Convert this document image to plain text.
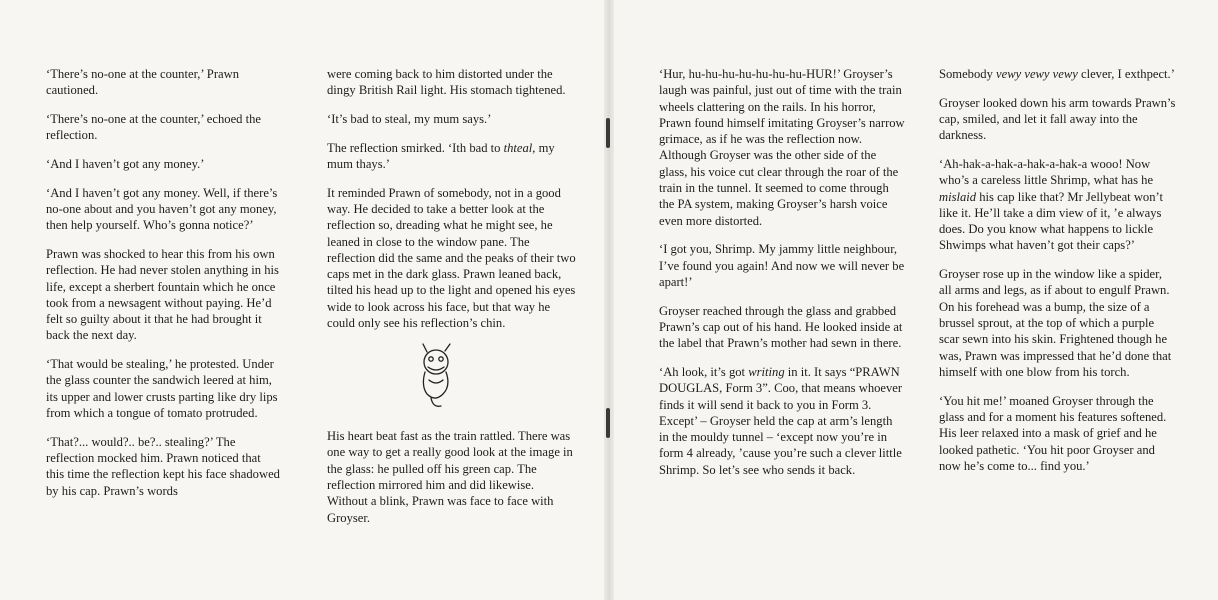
‘There’s no-one at the counter,’ Prawn cautioned.

‘There’s no-one at the counter,’ echoed the reflection.

‘And I haven’t got any money.’

‘And I haven’t got any money. Well, if there’s no-one about and you haven’t got any money, then help yourself. Who’s gonna notice?’

Prawn was shocked to hear this from his own reflection. He had never stolen anything in his life, except a sherbert fountain which he once took from a newsagent without paying. He’d felt so guilty about it that he had brought it back the next day.

‘That would be stealing,’ he protested. Under the glass counter the sandwich leered at him, its upper and lower crusts parting like dry lips from which a tongue of tomato protruded.

‘That?... would?.. be?.. stealing?’ The reflection mocked him. Prawn noticed that this time the reflection kept his face shadowed by his cap. Prawn’s words

were coming back to him distorted under the dingy British Rail light. His stomach tightened.

‘It’s bad to steal, my mum says.’

The reflection smirked. ‘Ith bad to thteal, my mum thays.’

It reminded Prawn of somebody, not in a good way. He decided to take a better look at the reflection so, dreading what he might see, he leaned in close to the window pane. The reflection did the same and the peaks of their two caps met in the dark glass. Prawn leaned back, tilted his head up to the light and opened his eyes wide to look across his face, but that way he could only see his reflection’s chin.

His heart beat fast as the train rattled. There was one way to get a really good look at the image in the glass: he pulled off his green cap. The reflection mirrored him and did likewise. Without a blink, Prawn was face to face with Groyser.

‘Hur, hu-hu-hu-hu-hu-hu-hu-HUR!’ Groyser’s laugh was painful, just out of time with the train wheels clattering on the rails. In his horror, Prawn found himself imitating Groyser’s narrow grimace, as if he was the reflection now. Although Groyser was the other side of the glass, his voice cut clear through the roar of the train in the tunnel. It seemed to come through the PA system, making Groyser’s harsh voice even more distorted.

‘I got you, Shrimp. My jammy little neighbour, I’ve found you again! And now we will never be apart!’

Groyser reached through the glass and grabbed Prawn’s cap out of his hand. He looked inside at the label that Prawn’s mother had sewn in there.

‘Ah look, it’s got writing in it. It says “PRAWN DOUGLAS, Form 3”. Coo, that means whoever finds it will send it back to you in Form 3. Except’ – Groyser held the cap at arm’s length in the mouldy tunnel – ‘except now you’re in form 4 already, ’cause you’re such a clever little Shrimp. So let’s see who sends it back.

Somebody vewy vewy vewy clever, I exthpect.’

Groyser looked down his arm towards Prawn’s cap, smiled, and let it fall away into the darkness.

‘Ah-hak-a-hak-a-hak-a-hak-a wooo! Now who’s a careless little Shrimp, what has he mislaid his cap like that? Mr Jellybeat won’t like it. He’ll take a dim view of it, ’e always does. Do you know what happens to lickle Shwimps what haven’t got their caps?’

Groyser rose up in the window like a spider, all arms and legs, as if about to engulf Prawn. On his forehead was a bump, the size of a brussel sprout, at the top of which a purple scar sewn into his skin. Frightened though he was, Prawn was impressed that he’d done that himself with one blow from his torch.

‘You hit me!’ moaned Groyser through the glass and for a moment his features softened. His leer relaxed into a mask of grief and he looked pathetic. ‘You hit poor Groyser and now he’s come to... find you.’
